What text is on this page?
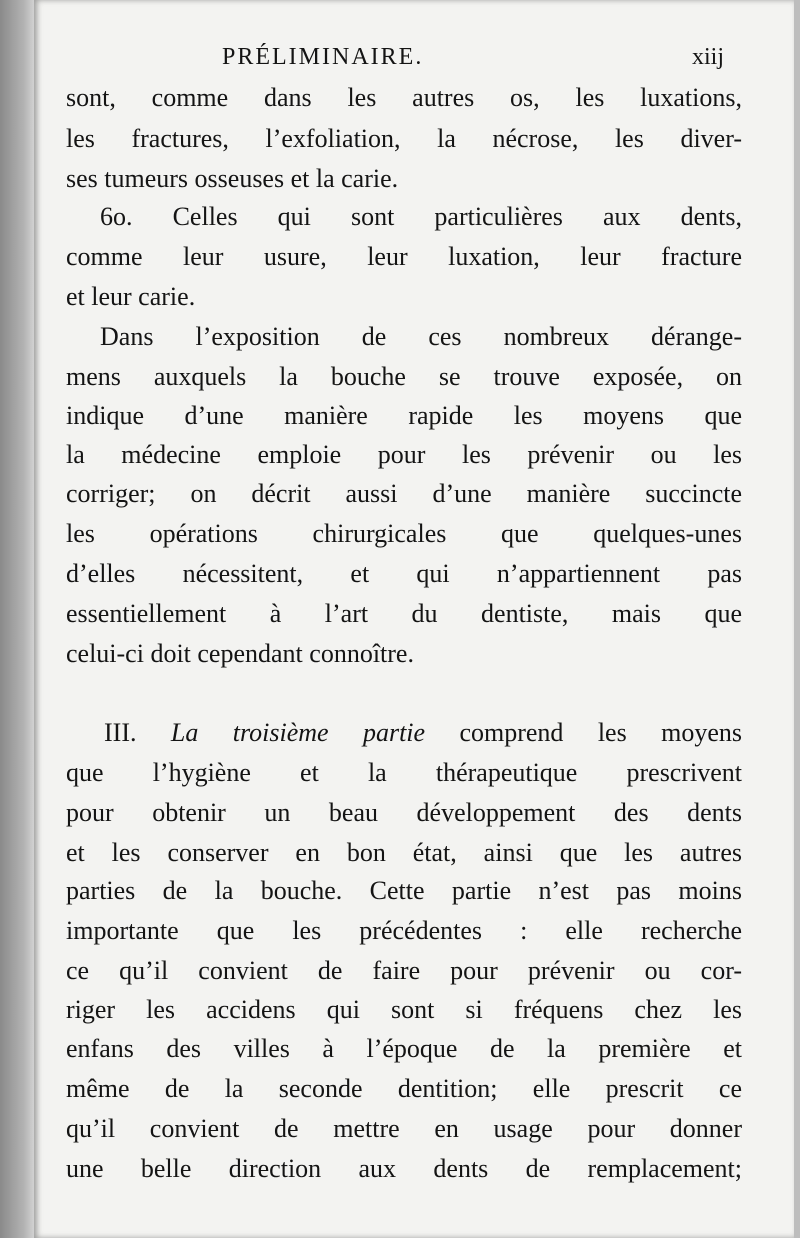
PRÉLIMINAIRE.	xiij
sont, comme dans les autres os, les luxations,
les fractures, l’exfoliation, la nécrose, les diver-
ses tumeurs osseuses et la carie.
6o. Celles qui sont particulières aux dents,
comme leur usure, leur luxation, leur fracture
et leur carie.
Dans l’exposition de ces nombreux dérange-
mens auxquels la bouche se trouve exposée, on
indique d’une manière rapide les moyens que
la médecine emploie pour les prévenir ou les
corriger; on décrit aussi d’une manière succincte
les opérations chirurgicales que quelques-unes
d’elles nécessitent, et qui n’appartiennent pas
essentiellement à l’art du dentiste, mais que
celui-ci doit cependant connoître.
III. La troisième partie comprend les moyens
que l’hygiène et la thérapeutique prescrivent
pour obtenir un beau développement des dents
et les conserver en bon état, ainsi que les autres
parties de la bouche. Cette partie n’est pas moins
importante que les précédentes : elle recherche
ce qu’il convient de faire pour prévenir ou cor-
riger les accidens qui sont si fréquens chez les
enfans des villes à l’époque de la première et
même de la seconde dentition; elle prescrit ce
qu’il convient de mettre en usage pour donner
une belle direction aux dents de remplacement;
